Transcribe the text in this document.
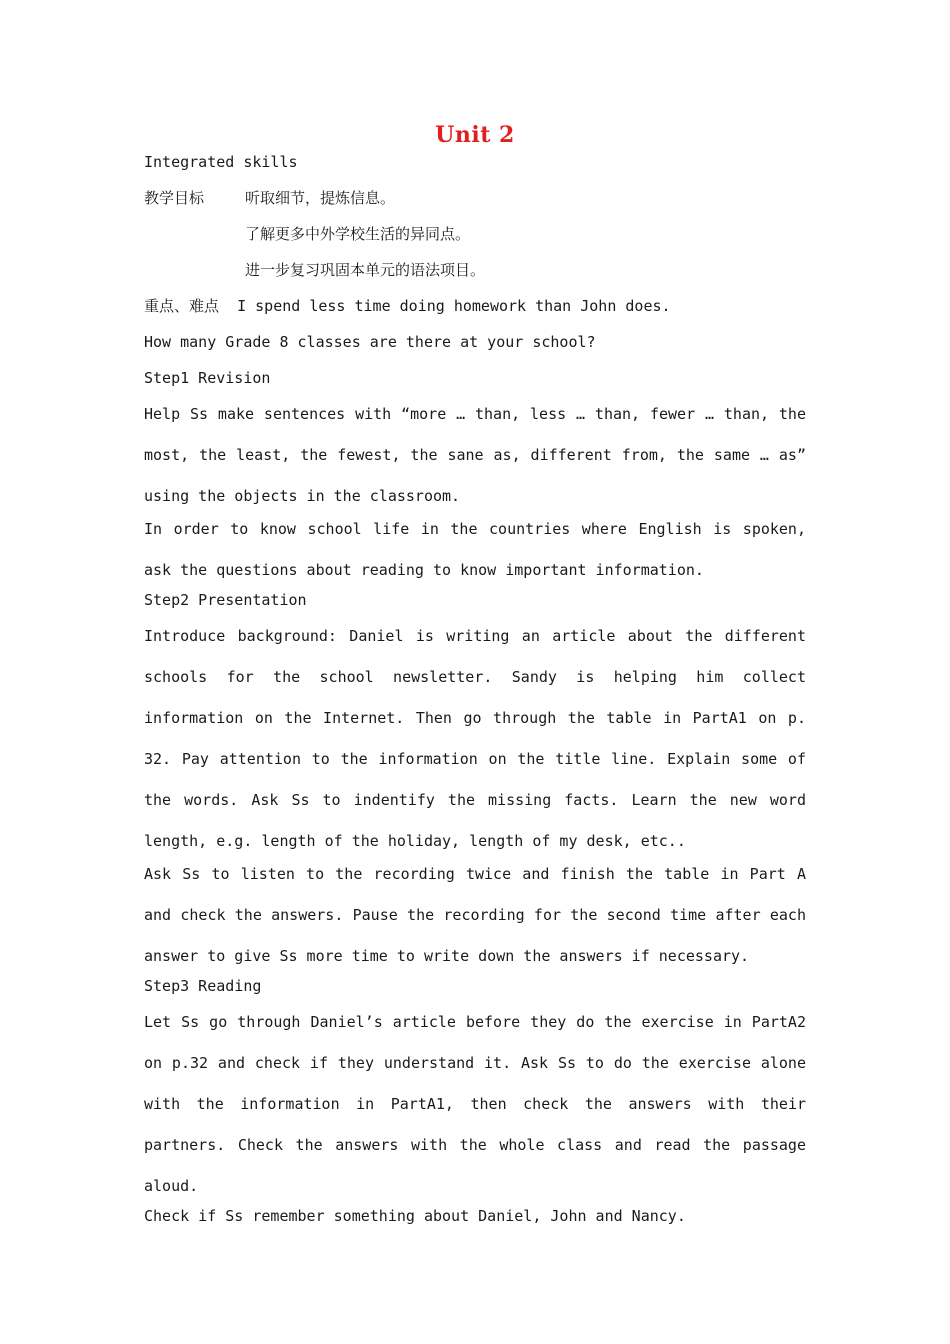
Unit 2
Integrated skills
教学目标	听取细节，提炼信息。
了解更多中外学校生活的异同点。
进一步复习巩固本单元的语法项目。
重点、难点 I spend less time doing homework than John does.
How many Grade 8 classes are there at your school?
Step1 Revision
Help Ss make sentences with “more … than, less … than, fewer … than, the most, the least, the fewest, the sane as, different from, the same … as” using the objects in the classroom.
In order to know school life in the countries where English is spoken, ask the questions about reading to know important information.
Step2 Presentation
Introduce background: Daniel is writing an article about the different schools for the school newsletter. Sandy is helping him collect information on the Internet. Then go through the table in PartA1 on p. 32. Pay attention to the information on the title line. Explain some of the words. Ask Ss to indentify the missing facts. Learn the new word length, e.g. length of the holiday, length of my desk, etc..
Ask Ss to listen to the recording twice and finish the table in Part A and check the answers. Pause the recording for the second time after each answer to give Ss more time to write down the answers if necessary.
Step3 Reading
Let Ss go through Daniel’s article before they do the exercise in PartA2 on p.32 and check if they understand it. Ask Ss to do the exercise alone with the information in PartA1, then check the answers with their partners. Check the answers with the whole class and read the passage aloud.
Check if Ss remember something about Daniel, John and Nancy.
